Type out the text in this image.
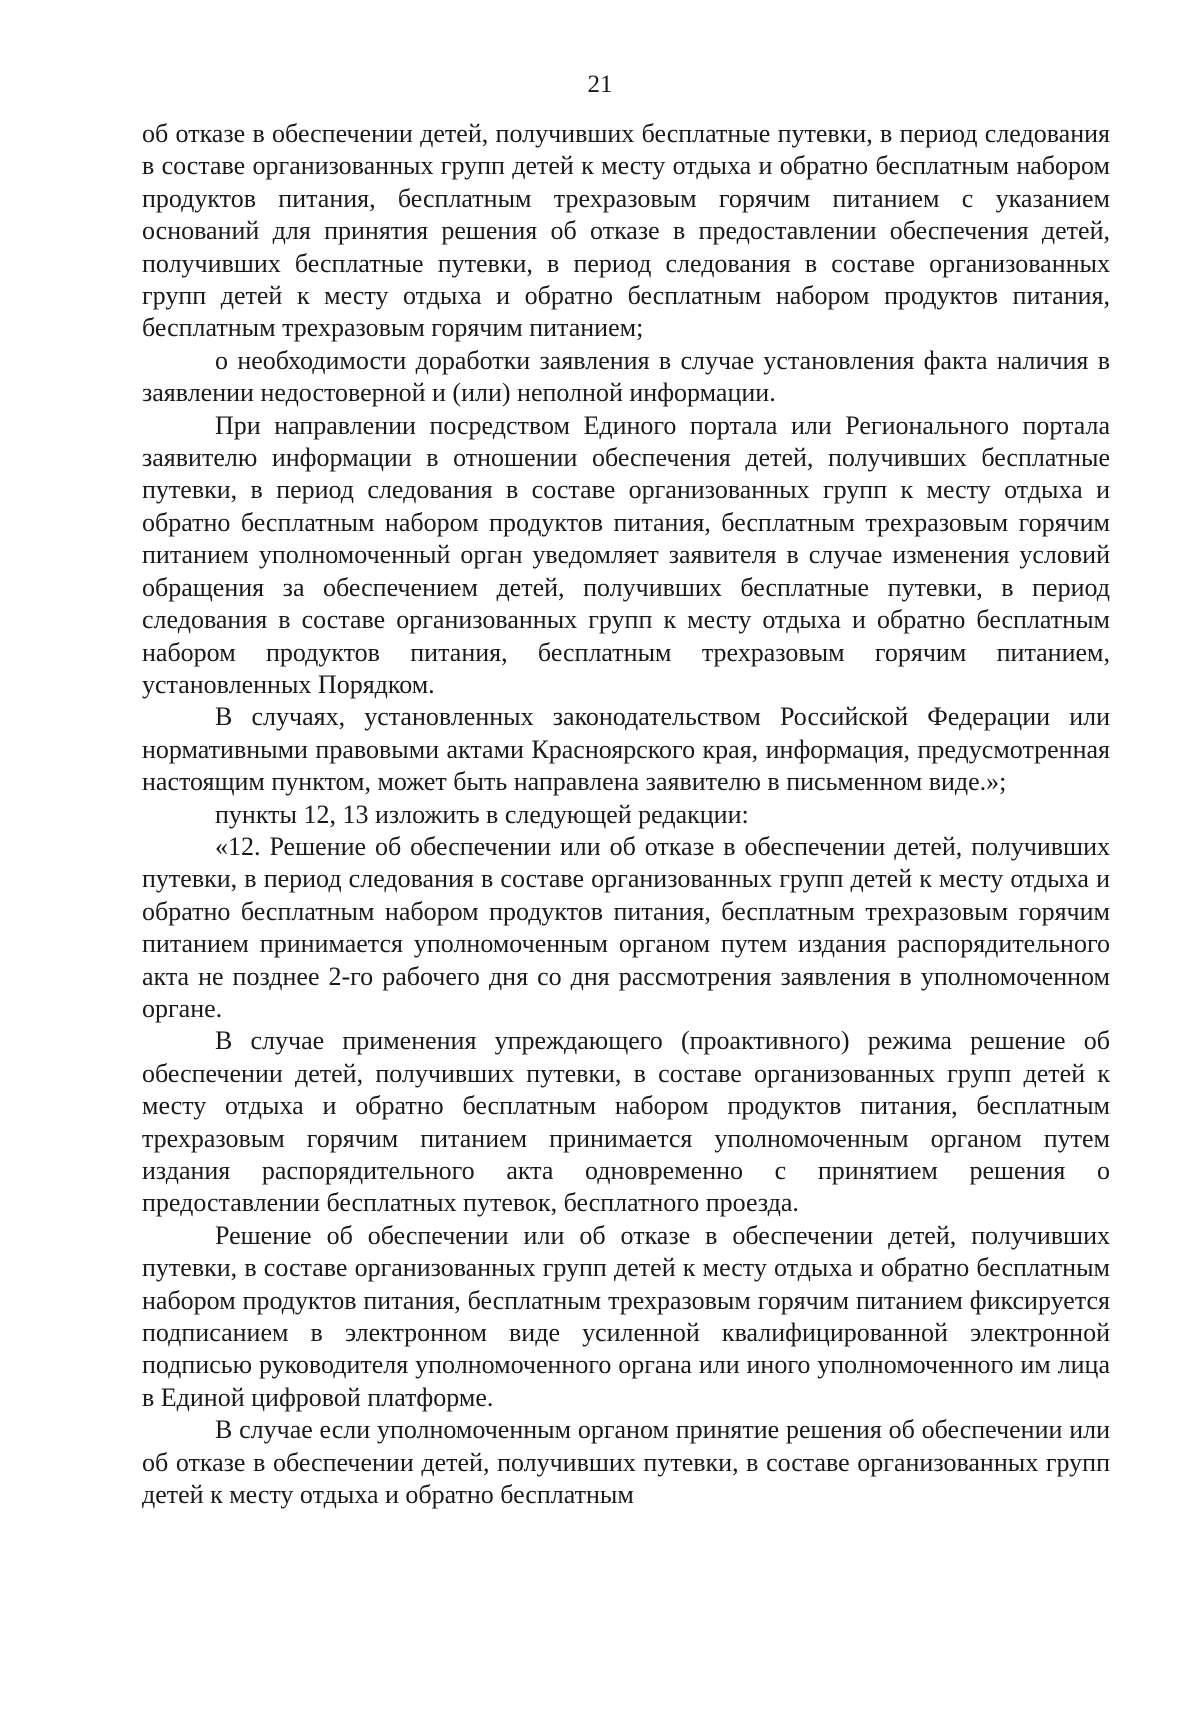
21

об отказе в обеспечении детей, получивших бесплатные путевки, в период следования в составе организованных групп детей к месту отдыха и обратно бесплатным набором продуктов питания, бесплатным трехразовым горячим питанием с указанием оснований для принятия решения об отказе в предоставлении обеспечения детей, получивших бесплатные путевки, в период следования в составе организованных групп детей к месту отдыха и обратно бесплатным набором продуктов питания, бесплатным трехразовым горячим питанием;

о необходимости доработки заявления в случае установления факта наличия в заявлении недостоверной и (или) неполной информации.

При направлении посредством Единого портала или Регионального портала заявителю информации в отношении обеспечения детей, получивших бесплатные путевки, в период следования в составе организованных групп к месту отдыха и обратно бесплатным набором продуктов питания, бесплатным трехразовым горячим питанием уполномоченный орган уведомляет заявителя в случае изменения условий обращения за обеспечением детей, получивших бесплатные путевки, в период следования в составе организованных групп к месту отдыха и обратно бесплатным набором продуктов питания, бесплатным трехразовым горячим питанием, установленных Порядком.

В случаях, установленных законодательством Российской Федерации или нормативными правовыми актами Красноярского края, информация, предусмотренная настоящим пунктом, может быть направлена заявителю в письменном виде.»;

пункты 12, 13 изложить в следующей редакции:

«12. Решение об обеспечении или об отказе в обеспечении детей, получивших путевки, в период следования в составе организованных групп детей к месту отдыха и обратно бесплатным набором продуктов питания, бесплатным трехразовым горячим питанием принимается уполномоченным органом путем издания распорядительного акта не позднее 2-го рабочего дня со дня рассмотрения заявления в уполномоченном органе.

В случае применения упреждающего (проактивного) режима решение об обеспечении детей, получивших путевки, в составе организованных групп детей к месту отдыха и обратно бесплатным набором продуктов питания, бесплатным трехразовым горячим питанием принимается уполномоченным органом путем издания распорядительного акта одновременно с принятием решения о предоставлении бесплатных путевок, бесплатного проезда.

Решение об обеспечении или об отказе в обеспечении детей, получивших путевки, в составе организованных групп детей к месту отдыха и обратно бесплатным набором продуктов питания, бесплатным трехразовым горячим питанием фиксируется подписанием в электронном виде усиленной квалифицированной электронной подписью руководителя уполномоченного органа или иного уполномоченного им лица в Единой цифровой платформе.

В случае если уполномоченным органом принятие решения об обеспечении или об отказе в обеспечении детей, получивших путевки, в составе организованных групп детей к месту отдыха и обратно бесплатным
